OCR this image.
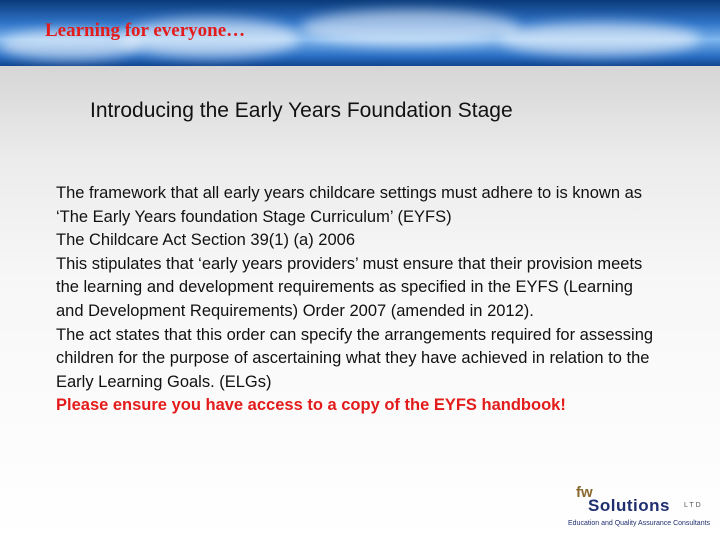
Learning for everyone…
Introducing the Early Years Foundation Stage

The framework that all early years childcare settings must adhere to is known as ‘The Early Years foundation Stage Curriculum’ (EYFS)

The Childcare Act Section 39(1) (a) 2006

This stipulates that ‘early years providers’ must ensure that their provision meets the learning and development requirements as specified in the EYFS (Learning and Development Requirements) Order 2007 (amended in 2012).

The act states that this order can specify the arrangements required for assessing children for the purpose of ascertaining what they have achieved in relation to the Early Learning Goals. (ELGs)

Please ensure you have access to a copy of the EYFS handbook!

fw
Solutions LTD
Education and Quality Assurance Consultants
